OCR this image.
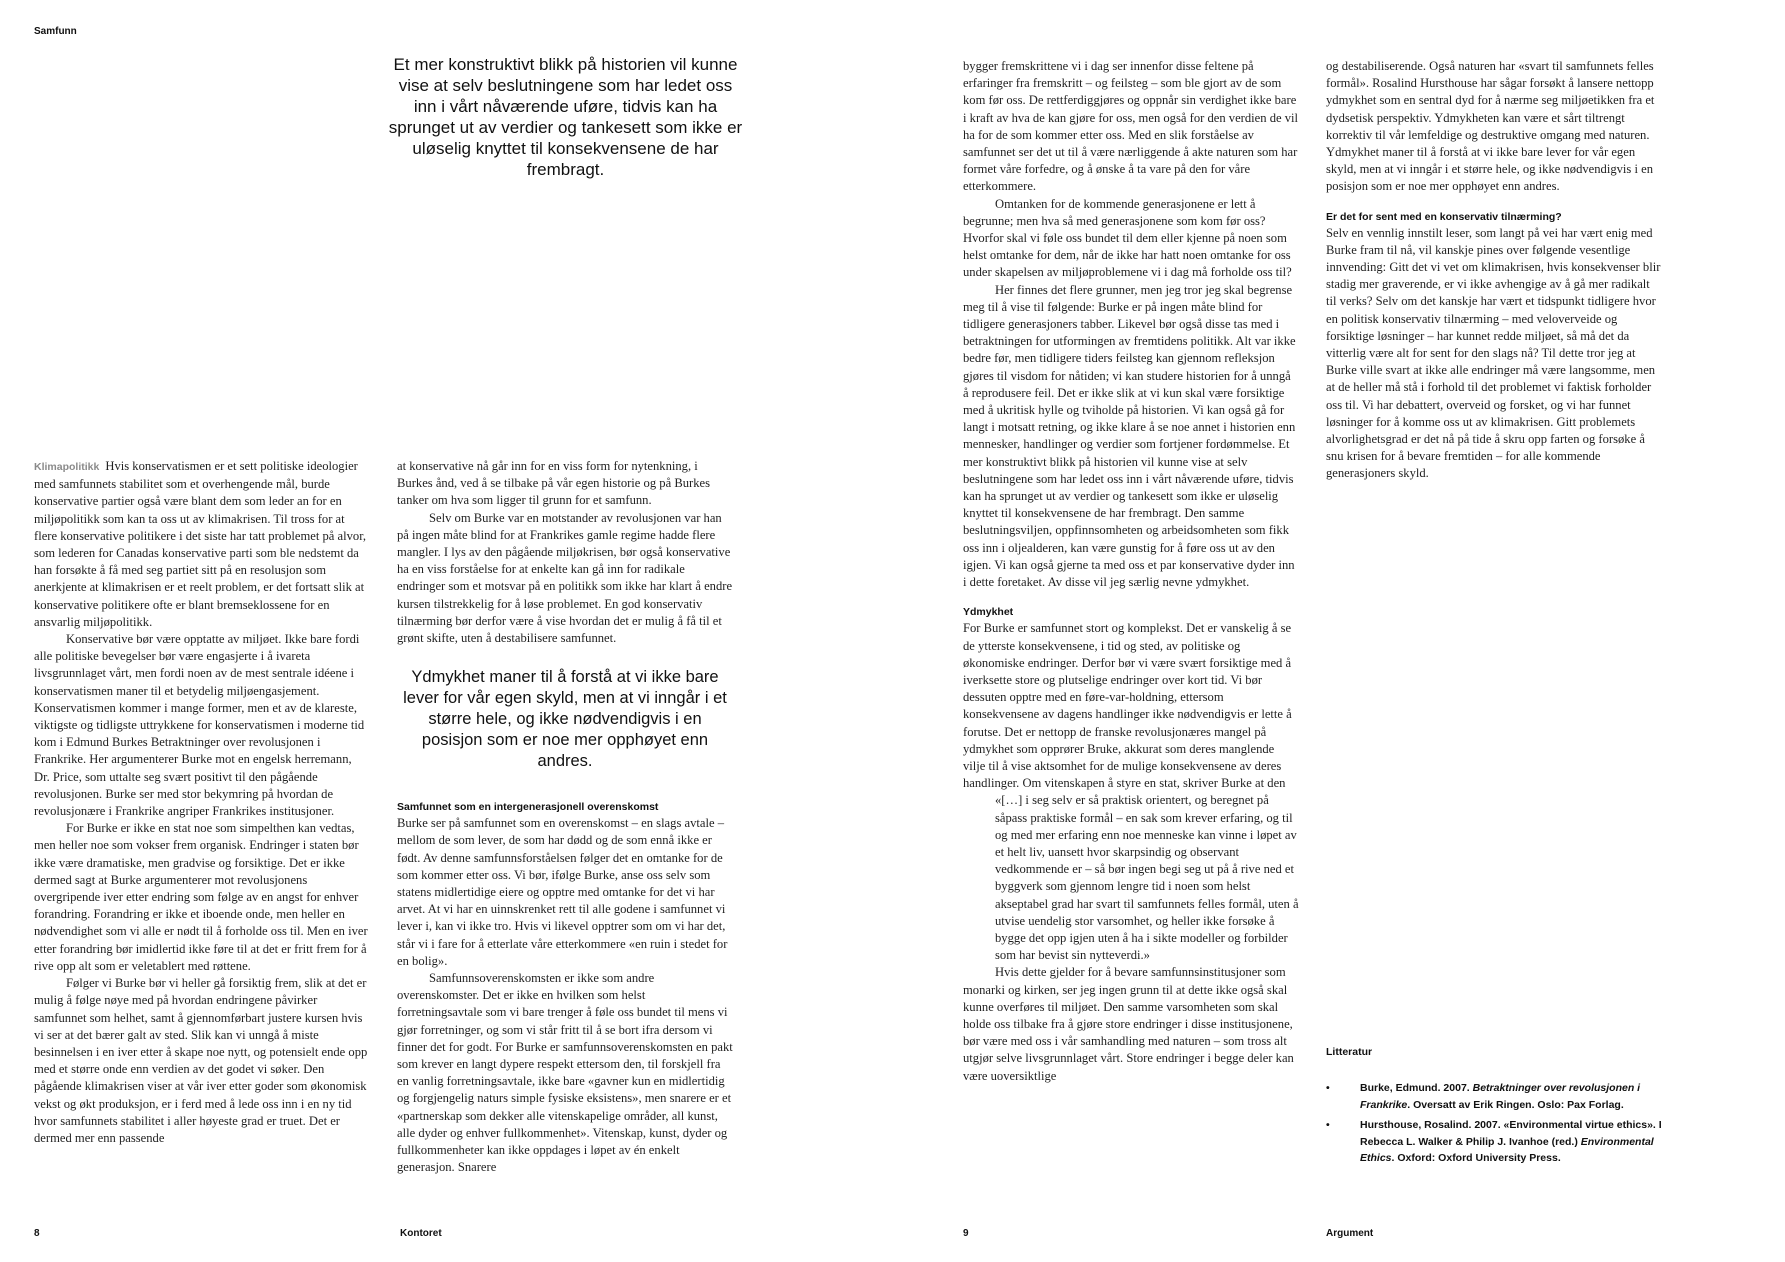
Samfunn
Et mer konstruktivt blikk på historien vil kunne vise at selv beslutningene som har ledet oss inn i vårt nåværende uføre, tidvis kan ha sprunget ut av verdier og tankesett som ikke er uløselig knyttet til konsekvensene de har frembragt.

Klimapolitikk Hvis konservatismen er et sett politiske ideologier med samfunnets stabilitet som et overhengende mål, burde konservative partier også være blant dem som leder an for en miljøpolitikk som kan ta oss ut av klimakrisen. Til tross for at flere konservative politikere i det siste har tatt problemet på alvor, som lederen for Canadas konservative parti som ble nedstemt da han forsøkte å få med seg partiet sitt på en resolusjon som anerkjente at klimakrisen er et reelt problem, er det fortsatt slik at konservative politikere ofte er blant bremseklossene for en ansvarlig miljøpolitikk.

Konservative bør være opptatte av miljøet. Ikke bare fordi alle politiske bevegelser bør være engasjerte i å ivareta livsgrunnlaget vårt, men fordi noen av de mest sentrale idéene i konservatismen maner til et betydelig miljøengasjement. Konservatismen kommer i mange former, men et av de klareste, viktigste og tidligste uttrykkene for konservatismen i moderne tid kom i Edmund Burkes Betraktninger over revolusjonen i Frankrike. Her argumenterer Burke mot en engelsk herremann, Dr. Price, som uttalte seg svært positivt til den pågående revolusjonen. Burke ser med stor bekymring på hvordan de revolusjonære i Frankrike angriper Frankrikes institusjoner.

For Burke er ikke en stat noe som simpelthen kan vedtas, men heller noe som vokser frem organisk. Endringer i staten bør ikke være dramatiske, men gradvise og forsiktige. Det er ikke dermed sagt at Burke argumenterer mot revolusjonens overgripende iver etter endring som følge av en angst for enhver forandring. Forandring er ikke et iboende onde, men heller en nødvendighet som vi alle er nødt til å forholde oss til. Men en iver etter forandring bør imidlertid ikke føre til at det er fritt frem for å rive opp alt som er veletablert med røttene.

Følger vi Burke bør vi heller gå forsiktig frem, slik at det er mulig å følge nøye med på hvordan endringene påvirker samfunnet som helhet, samt å gjennomførbart justere kursen hvis vi ser at det bærer galt av sted. Slik kan vi unngå å miste besinnelsen i en iver etter å skape noe nytt, og potensielt ende opp med et større onde enn verdien av det godet vi søker. Den pågående klimakrisen viser at vår iver etter goder som økonomisk vekst og økt produksjon, er i ferd med å lede oss inn i en ny tid hvor samfunnets stabilitet i aller høyeste grad er truet. Det er dermed mer enn passende

at konservative nå går inn for en viss form for nytenkning, i Burkes ånd, ved å se tilbake på vår egen historie og på Burkes tanker om hva som ligger til grunn for et samfunn.

Selv om Burke var en motstander av revolusjonen var han på ingen måte blind for at Frankrikes gamle regime hadde flere mangler. I lys av den pågående miljøkrisen, bør også konservative ha en viss forståelse for at enkelte kan gå inn for radikale endringer som et motsvar på en politikk som ikke har klart å endre kursen tilstrekkelig for å løse problemet. En god konservativ tilnærming bør derfor være å vise hvordan det er mulig å få til et grønt skifte, uten å destabilisere samfunnet.

Ydmykhet maner til å forstå at vi ikke bare lever for vår egen skyld, men at vi inngår i et større hele, og ikke nødvendigvis i en posisjon som er noe mer opphøyet enn andres.
Samfunnet som en intergenerasjonell overenskomst

Burke ser på samfunnet som en overenskomst – en slags avtale – mellom de som lever, de som har dødd og de som ennå ikke er født. Av denne samfunnsforståelsen følger det en omtanke for de som kommer etter oss. Vi bør, ifølge Burke, anse oss selv som statens midlertidige eiere og opptre med omtanke for det vi har arvet. At vi har en uinnskrenket rett til alle godene i samfunnet vi lever i, kan vi ikke tro. Hvis vi likevel opptrer som om vi har det, står vi i fare for å etterlate våre etterkommere «en ruin i stedet for en bolig».

Samfunnsoverenskomsten er ikke som andre overenskomster. Det er ikke en hvilken som helst forretningsavtale som vi bare trenger å føle oss bundet til mens vi gjør forretninger, og som vi står fritt til å se bort ifra dersom vi finner det for godt. For Burke er samfunnsoverenskomsten en pakt som krever en langt dypere respekt ettersom den, til forskjell fra en vanlig forretningsavtale, ikke bare «gavner kun en midlertidig og forgjengelig naturs simple fysiske eksistens», men snarere er et «partnerskap som dekker alle vitenskapelige områder, all kunst, alle dyder og enhver fullkommenhet». Vitenskap, kunst, dyder og fullkommenheter kan ikke oppdages i løpet av én enkelt generasjon. Snarere

8	Kontoret

bygger fremskrittene vi i dag ser innenfor disse feltene på erfaringer fra fremskritt – og feilsteg – som ble gjort av de som kom før oss. De rettferdiggjøres og oppnår sin verdighet ikke bare i kraft av hva de kan gjøre for oss, men også for den verdien de vil ha for de som kommer etter oss. Med en slik forståelse av samfunnet ser det ut til å være nærliggende å akte naturen som har formet våre forfedre, og å ønske å ta vare på den for våre etterkommere.

Omtanken for de kommende generasjonene er lett å begrunne; men hva så med generasjonene som kom før oss? Hvorfor skal vi føle oss bundet til dem eller kjenne på noen som helst omtanke for dem, når de ikke har hatt noen omtanke for oss under skapelsen av miljøproblemene vi i dag må forholde oss til?

Her finnes det flere grunner, men jeg tror jeg skal begrense meg til å vise til følgende: Burke er på ingen måte blind for tidligere generasjoners tabber. Likevel bør også disse tas med i betraktningen for utformingen av fremtidens politikk. Alt var ikke bedre før, men tidligere tiders feilsteg kan gjennom refleksjon gjøres til visdom for nåtiden; vi kan studere historien for å unngå å reprodusere feil. Det er ikke slik at vi kun skal være forsiktige med å ukritisk hylle og tviholde på historien. Vi kan også gå for langt i motsatt retning, og ikke klare å se noe annet i historien enn mennesker, handlinger og verdier som fortjener fordømmelse. Et mer konstruktivt blikk på historien vil kunne vise at selv beslutningene som har ledet oss inn i vårt nåværende uføre, tidvis kan ha sprunget ut av verdier og tankesett som ikke er uløselig knyttet til konsekvensene de har frembragt. Den samme beslutningsviljen, oppfinnsomheten og arbeidsomheten som fikk oss inn i oljealderen, kan være gunstig for å føre oss ut av den igjen. Vi kan også gjerne ta med oss et par konservative dyder inn i dette foretaket. Av disse vil jeg særlig nevne ydmykhet.

Ydmykhet

For Burke er samfunnet stort og komplekst. Det er vanskelig å se de ytterste konsekvensene, i tid og sted, av politiske og økonomiske endringer. Derfor bør vi være svært forsiktige med å iverksette store og plutselige endringer over kort tid. Vi bør dessuten opptre med en føre-var-holdning, ettersom konsekvensene av dagens handlinger ikke nødvendigvis er lette å forutse. Det er nettopp de franske revolusjonæres mangel på ydmykhet som opprører Bruke, akkurat som deres manglende vilje til å vise aktsomhet for de mulige konsekvensene av deres handlinger. Om vitenskapen å styre en stat, skriver Burke at den

«[…] i seg selv er så praktisk orientert, og beregnet på såpass praktiske formål – en sak som krever erfaring, og til og med mer erfaring enn noe menneske kan vinne i løpet av et helt liv, uansett hvor skarpsindig og observant vedkommende er – så bør ingen begi seg ut på å rive ned et byggverk som gjennom lengre tid i noen som helst akseptabel grad har svart til samfunnets felles formål, uten å utvise uendelig stor varsomhet, og heller ikke forsøke å bygge det opp igjen uten å ha i sikte modeller og forbilder som har bevist sin nytteverdi.»

Hvis dette gjelder for å bevare samfunnsinstitusjoner som monarki og kirken, ser jeg ingen grunn til at dette ikke også skal kunne overføres til miljøet. Den samme varsomheten som skal holde oss tilbake fra å gjøre store endringer i disse institusjonene, bør være med oss i vår samhandling med naturen – som tross alt utgjør selve livsgrunnlaget vårt. Store endringer i begge deler kan være uoversiktlige

og destabiliserende. Også naturen har «svart til samfunnets felles formål». Rosalind Hursthouse har sågar forsøkt å lansere nettopp ydmykhet som en sentral dyd for å nærme seg miljøetikken fra et dydsetisk perspektiv. Ydmykheten kan være et sårt tiltrengt korrektiv til vår lemfeldige og destruktive omgang med naturen. Ydmykhet maner til å forstå at vi ikke bare lever for vår egen skyld, men at vi inngår i et større hele, og ikke nødvendigvis i en posisjon som er noe mer opphøyet enn andres.

Er det for sent med en konservativ tilnærming?

Selv en vennlig innstilt leser, som langt på vei har vært enig med Burke fram til nå, vil kanskje pines over følgende vesentlige innvending: Gitt det vi vet om klimakrisen, hvis konsekvenser blir stadig mer graverende, er vi ikke avhengige av å gå mer radikalt til verks? Selv om det kanskje har vært et tidspunkt tidligere hvor en politisk konservativ tilnærming – med veloverveide og forsiktige løsninger – har kunnet redde miljøet, så må det da vitterlig være alt for sent for den slags nå? Til dette tror jeg at Burke ville svart at ikke alle endringer må være langsomme, men at de heller må stå i forhold til det problemet vi faktisk forholder oss til. Vi har debattert, overveid og forsket, og vi har funnet løsninger for å komme oss ut av klimakrisen. Gitt problemets alvorlighetsgrad er det nå på tide å skru opp farten og forsøke å snu krisen for å bevare fremtiden – for alle kommende generasjoners skyld.

Litteratur
•	Burke, Edmund. 2007. Betraktninger over revolusjonen i Frankrike. Oversatt av Erik Ringen. Oslo: Pax Forlag.
•	Hursthouse, Rosalind. 2007. «Environmental virtue ethics». I Rebecca L. Walker & Philip J. Ivanhoe (red.) Environmental Ethics. Oxford: Oxford University Press.
9	Argument
